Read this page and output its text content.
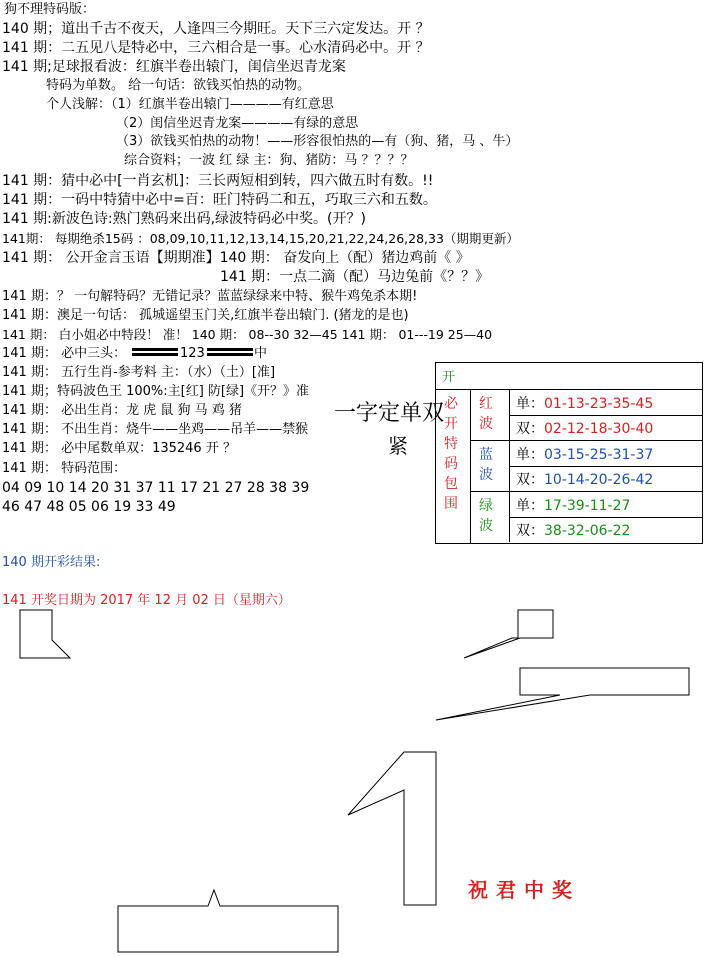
狗不理特码版：
140 期；道出千古不夜天，人逢四三今期旺。天下三六定发达。开 ？
141 期：二五见八是特必中，三六相合是一事。心水清码必中。开 ？
141 期;足球报看波：红旗半卷出辕门，闺信坐迟青龙案
特码为单数。 给一句话：欲钱买怕热的动物。
个人浅解：（1）红旗半卷出辕门————有红意思
（2）闺信坐迟青龙案————有绿的意思
（3）欲钱买怕热的动物！——形容很怕热的—有（狗、猪，马 、牛）
综合资料；一波 红 绿 主：狗、猪防：马 ？？？？
141 期：猜中必中[一肖玄机]：三长两短相到转，四六做五时有数。!!
141 期：一码中特猜中必中=百：旺门特码二和五，巧取三六和五数。
141 期:新波色诗:熟门熟码来出码,绿波特码必中奖。(开？)
141期： 每期绝杀15码 ：08,09,10,11,12,13,14,15,20,21,22,24,26,28,33（期期更新）
141 期： 公开金言玉语【期期准】140 期： 奋发向上（配）猪边鸡前《 》
141 期：一点二滴（配）马边兔前《？？》
141 期：？ 一句解特码？无错记录？蓝蓝绿绿来中特、猴牛鸡兔杀本期!
141 期：澳足一句话： 孤城遥望玉门关,红旗半卷出辕门. (猪龙的是也)
141 期： 白小姐必中特段！ 准！ 140 期： 08--30 32—45 141 期： 01---19 25—40
141 期： 必中三头：	123	中
141 期： 五行生肖-参考料 主：（水）（土）[准]
141 期；特码波色王 100%:主[红] 防[绿]《开？》准
141 期： 必出生肖：龙 虎 鼠 狗 马 鸡 猪
141 期： 不出生肖：烧牛——坐鸡——吊羊——禁猴
141 期： 必中尾数单双：135246 开 ？
141 期： 特码范围：
04 09 10 14 20 31 37 11 17 21 27 28 38 39
46 47 48 05 06 19 33 49
一字定单双
紧
开
必开特码包围
红波
单：01-13-23-35-45
双：02-12-18-30-40
蓝波
单：03-15-25-31-37
双：10-14-20-26-42
绿波
单：17-39-11-27
双：38-32-06-22
140 期开彩结果:
141 开奖日期为 2017 年 12 月 02 日（星期六）
祝君中奖
